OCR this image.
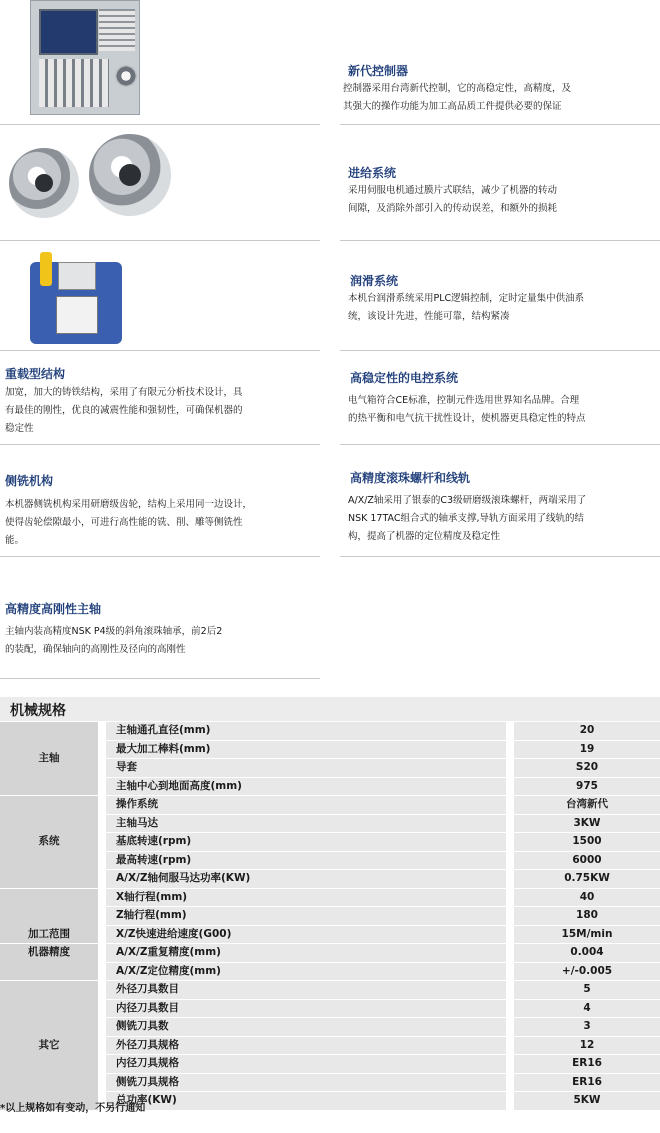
新代控制器

控制器采用台湾新代控制，它的高稳定性，高精度，及

其强大的操作功能为加工高品质工件提供必要的保证

进给系统

采用伺服电机通过膜片式联结，减少了机器的转动

间隙，及消除外部引入的传动误差，和额外的损耗

润滑系统

本机台润滑系统采用PLC逻辑控制，定时定量集中供油系

统，该设计先进，性能可靠，结构紧凑

重载型结构

加宽，加大的铸铁结构，采用了有限元分析技术设计，具

有最佳的刚性，优良的减震性能和强韧性，可确保机器的

稳定性

高稳定性的电控系统

电气箱符合CE标准，控制元件选用世界知名品牌。合理

的热平衡和电气抗干扰性设计，使机器更具稳定性的特点

侧铣机构

本机器侧铣机构采用研磨级齿轮，结构上采用同一边设计，

使得齿轮偿隙最小，可进行高性能的铣、削、雕等侧铣性

能。

高精度滚珠螺杆和线轨

A/X/Z轴采用了银泰的C3级研磨级滚珠螺杆，两端采用了

NSK 17TAC组合式的轴承支撑,导轨方面采用了线轨的结

构，提高了机器的定位精度及稳定性

高精度高刚性主轴

主轴内装高精度NSK P4级的斜角滚珠轴承，前2后2

的装配，确保轴向的高刚性及径向的高刚性

机械规格
主轴	主轴通孔直径(mm)	20
	最大加工棒料(mm)	19
	导套	S20
	主轴中心到地面高度(mm)	975
系统	操作系统	台湾新代
	主轴马达	3KW
	基底转速(rpm)	1500
	最高转速(rpm)	6000
	A/X/Z轴伺服马达功率(KW)	0.75KW
加工范围	X轴行程(mm)	40
	Z轴行程(mm)	180
	X/Z快速进给速度(G00)	15M/min
机器精度	A/X/Z重复精度(mm)	0.004
	A/X/Z定位精度(mm)	+/-0.005
其它	外径刀具数目	5
	内径刀具数目	4
	侧铣刀具数	3
	外径刀具规格	12
	内径刀具规格	ER16
	侧铣刀具规格	ER16
	总功率(KW)	5KW
*以上规格如有变动，不另行通知
